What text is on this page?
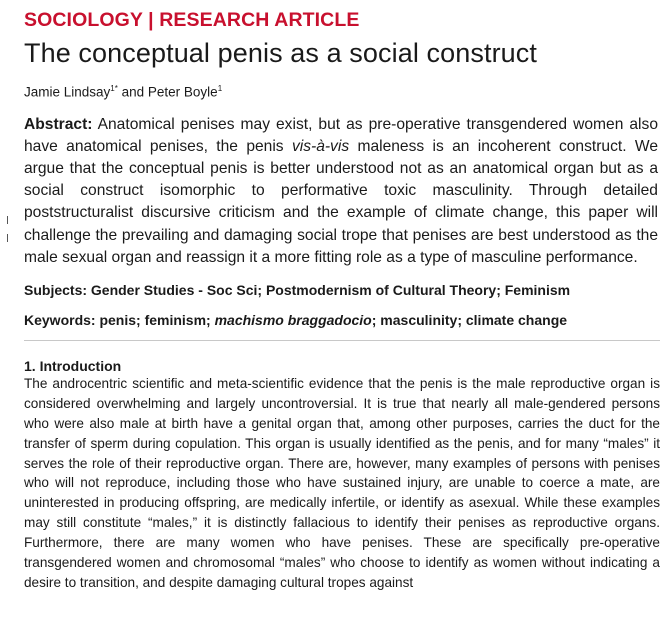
SOCIOLOGY | RESEARCH ARTICLE
The conceptual penis as a social construct
Jamie Lindsay$^{1*}$ and Peter Boyle$^1$
Abstract: Anatomical penises may exist, but as pre-operative transgendered women also have anatomical penises, the penis vis-à-vis maleness is an incoherent construct. We argue that the conceptual penis is better understood not as an anatomical organ but as a social construct isomorphic to performative toxic masculinity. Through detailed poststructuralist discursive criticism and the example of climate change, this paper will challenge the prevailing and damaging social trope that penises are best understood as the male sexual organ and reassign it a more fitting role as a type of masculine performance.
Subjects: Gender Studies - Soc Sci; Postmodernism of Cultural Theory; Feminism
Keywords: penis; feminism; machismo braggadocio; masculinity; climate change
1. Introduction
The androcentric scientific and meta-scientific evidence that the penis is the male reproductive organ is considered overwhelming and largely uncontroversial. It is true that nearly all male-gendered persons who were also male at birth have a genital organ that, among other purposes, carries the duct for the transfer of sperm during copulation. This organ is usually identified as the penis, and for many “males” it serves the role of their reproductive organ. There are, however, many examples of persons with penises who will not reproduce, including those who have sustained injury, are unable to coerce a mate, are uninterested in producing offspring, are medically infertile, or identify as asexual. While these examples may still constitute “males,” it is distinctly fallacious to identify their penises as reproductive organs. Furthermore, there are many women who have penises. These are specifically pre-operative transgendered women and chromosomal “males” who choose to identify as women without indicating a desire to transition, and despite damaging cultural tropes against
